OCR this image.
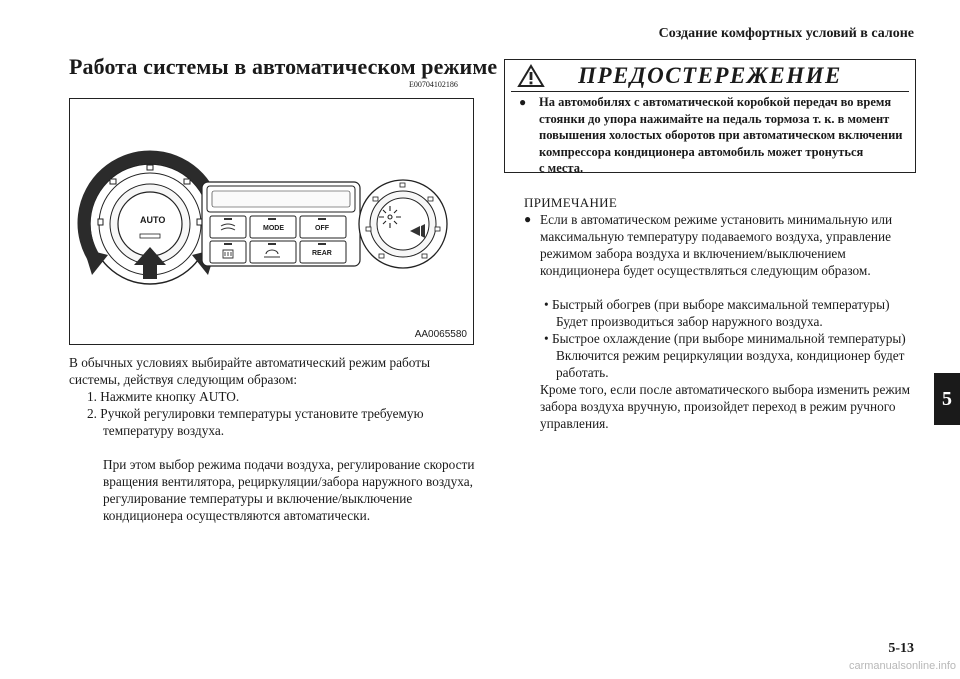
Создание комфортных условий в салоне
Работа системы в автоматическом режиме
E00704102186
AUTO
MODE	OFF
REAR
AA0065580

В обычных условиях выбирайте автоматический режим работы системы, действуя следующим образом:

1. Нажмите кнопку AUTO.
2. Ручкой регулировки температуры установите требуемую температуру воздуха.

При этом выбор режима подачи воздуха, регулирование скорости вращения вентилятора, рециркуляции/забора наружного воздуха, регулирование температуры и включение/выключение кондиционера осуществляются автоматически.

ПРЕДОСТЕРЕЖЕНИЕ
● На автомобилях с автоматической коробкой передач во время
стоянки до упора нажимайте на педаль тормоза т. к. в момент
повышения холостых оборотов при автоматическом включении
компрессора кондиционера автомобиль может тронуться
с места.
ПРИМЕЧАНИЕ
● Если в автоматическом режиме установить минимальную или максимальную температуру подаваемого воздуха, управление режимом забора воздуха и включением/выключением кондиционера будет осуществляться следующим образом.

• Быстрый обогрев (при выборе максимальной температуры) Будет производиться забор наружного воздуха.
• Быстрое охлаждение (при выборе минимальной температуры) Включится режим рециркуляции воздуха, кондиционер будет работать.

Кроме того, если после автоматического выбора изменить режим забора воздуха вручную, произойдет переход в режим ручного управления.

5
5-13
carmanualsonline.info
